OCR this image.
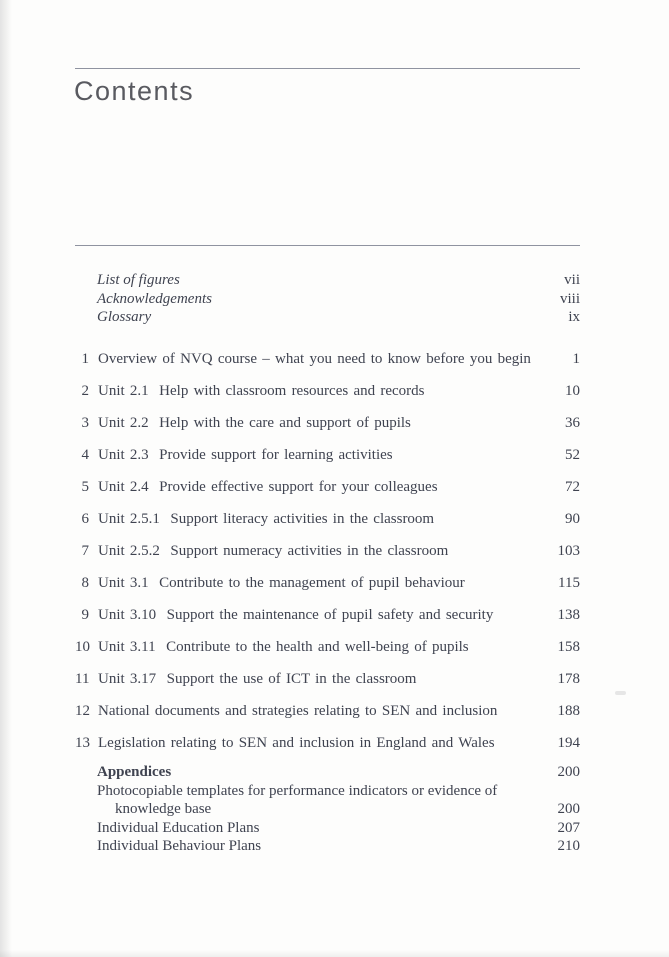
Contents
List of figures	vii
Acknowledgements	viii
Glossary	ix
1 Overview of NVQ course – what you need to know before you begin	1
2 Unit 2.1  Help with classroom resources and records	10
3 Unit 2.2  Help with the care and support of pupils	36
4 Unit 2.3  Provide support for learning activities	52
5 Unit 2.4  Provide effective support for your colleagues	72
6 Unit 2.5.1  Support literacy activities in the classroom	90
7 Unit 2.5.2  Support numeracy activities in the classroom	103
8 Unit 3.1  Contribute to the management of pupil behaviour	115
9 Unit 3.10  Support the maintenance of pupil safety and security	138
10 Unit 3.11  Contribute to the health and well-being of pupils	158
11 Unit 3.17  Support the use of ICT in the classroom	178
12 National documents and strategies relating to SEN and inclusion	188
13 Legislation relating to SEN and inclusion in England and Wales	194
Appendices	200
Photocopiable templates for performance indicators or evidence of
knowledge base	200
Individual Education Plans	207
Individual Behaviour Plans	210
